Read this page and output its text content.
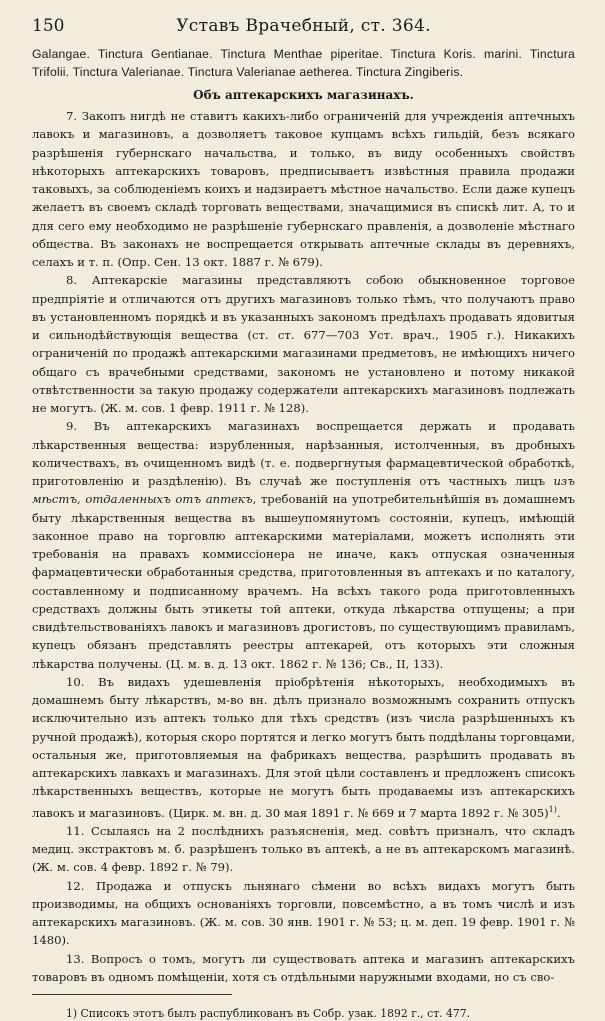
150	Уставъ Врачебный, ст. 364.

Galangae. Tinctura Gentianae. Tinctura Menthae piperitae. Tinctura Koris. marini. Tinctura Trifolii. Tinctura Valerianae. Tinctura Valerianae aetherea. Tinctura Zingiberis.

Объ аптекарскихъ магазинахъ.

7. Закопъ нигдѣ не ставитъ какихъ-либо ограниченій для учрежденія аптечныхъ лавокъ и магазиновъ, а дозволяетъ таковое купцамъ всѣхъ гильдій, безъ всякаго разрѣшенія губернскаго начальства, и только, въ виду особенныхъ свойствъ нѣкоторыхъ аптекарскихъ товаровъ, предписываетъ извѣстныя правила продажи таковыхъ, за соблюденіемъ коихъ и надзираетъ мѣстное начальство. Если даже купецъ желаетъ въ своемъ складѣ торговать веществами, значащимися въ спискѣ лит. А, то и для сего ему необходимо не разрѣшеніе губернскаго правленія, а дозволеніе мѣстнаго общества. Въ законахъ не воспрещается открывать аптечные склады въ деревняхъ, селахъ и т. п. (Опр. Сен. 13 окт. 1887 г. № 679).

8. Аптекарскіе магазины представляютъ собою обыкновенное торговое предпріятіе и отличаются отъ другихъ магазиновъ только тѣмъ, что получаютъ право въ установленномъ порядкѣ и въ указанныхъ закономъ предѣлахъ продавать ядовитыя и сильнодѣйствующія вещества (ст. ст. 677—703 Уст. врач., 1905 г.). Никакихъ ограниченій по продажѣ аптекарскими магазинами предметовъ, не имѣющихъ ничего общаго съ врачебными средствами, закономъ не установлено и потому никакой отвѣтственности за такую продажу содержатели аптекарскихъ магазиновъ подлежать не могутъ. (Ж. м. сов. 1 февр. 1911 г. № 128).

9. Въ аптекарскихъ магазинахъ воспрещается держать и продавать лѣкарственныя вещества: изрубленныя, нарѣзанныя, истолченныя, въ дробныхъ количествахъ, въ очищенномъ видѣ (т. е. подвергнутыя фармацевтической обработкѣ, приготовленію и раздѣленію). Въ случаѣ же поступленія отъ частныхъ лицъ изъ мѣстъ, отдаленныхъ отъ аптекъ, требованій на употребительнѣйшія въ домашнемъ быту лѣкарственныя вещества въ вышеупомянутомъ состояніи, купецъ, имѣющій законное право на торговлю аптекарскими матеріалами, можетъ исполнять эти требованія на правахъ коммиссіонера не иначе, какъ отпуская означенныя фармацевтически обработанныя средства, приготовленныя въ аптекахъ и по каталогу, составленному и подписанному врачемъ. На всѣхъ такого рода приготовленныхъ средствахъ должны быть этикеты той аптеки, откуда лѣкарства отпущены; а при свидѣтельствованіяхъ лавокъ и магазиновъ дрогистовъ, по существующимъ правиламъ, купецъ обязанъ представлять реестры аптекарей, отъ которыхъ эти сложныя лѣкарства получены. (Ц. м. в. д. 13 окт. 1862 г. № 136; Св., II, 133).

10. Въ видахъ удешевленія пріобрѣтенія нѣкоторыхъ, необходимыхъ въ домашнемъ быту лѣкарствъ, м-во вн. дѣлъ признало возможнымъ сохранить отпускъ исключительно изъ аптекъ только для тѣхъ средствъ (изъ числа разрѣшенныхъ къ ручной продажѣ), которыя скоро портятся и легко могутъ быть поддѣланы торговцами, остальныя же, приготовляемыя на фабрикахъ вещества, разрѣшить продавать въ аптекарскихъ лавкахъ и магазинахъ. Для этой цѣли составленъ и предложенъ списокъ лѣкарственныхъ веществъ, которые не могутъ быть продаваемы изъ аптекарскихъ лавокъ и магазиновъ. (Цирк. м. вн. д. 30 мая 1891 г. № 669 и 7 марта 1892 г. № 305)$^{1)}$.

11. Ссылаясь на 2 послѣднихъ разъясненія, мед. совѣтъ призналъ, что складъ медиц. экстрактовъ м. б. разрѣшенъ только въ аптекѣ, а не въ аптекарскомъ магазинѣ. (Ж. м. сов. 4 февр. 1892 г. № 79).

12. Продажа и отпускъ льнянаго сѣмени во всѣхъ видахъ могутъ быть производимы, на общихъ основаніяхъ торговли, повсемѣстно, а въ томъ числѣ и изъ аптекарскихъ магазиновъ. (Ж. м. сов. 30 янв. 1901 г. № 53; ц. м. деп. 19 февр. 1901 г. № 1480).

13. Вопросъ о томъ, могутъ ли существовать аптека и магазинъ аптекарскихъ товаровъ въ одномъ помѣщеніи, хотя съ отдѣльными наружными входами, но съ сво-

1) Списокъ этотъ былъ распубликованъ въ Собр. узак. 1892 г., ст. 477.
